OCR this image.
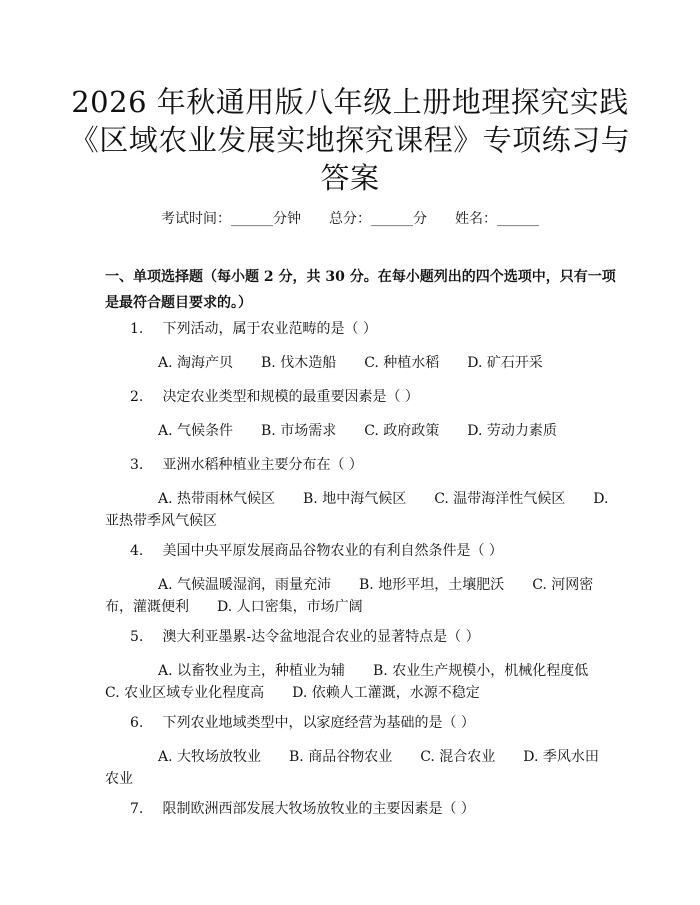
2026 年秋通用版八年级上册地理探究实践
《区域农业发展实地探究课程》专项练习与
答案
考试时间：______分钟　　总分：______分　　姓名：______
一、单项选择题（每小题 2 分，共 30 分。在每小题列出的四个选项中，只有一项
是最符合题目要求的。）
1. 下列活动，属于农业范畴的是（ ）
A. 淘海产贝　　B. 伐木造船　　C. 种植水稻　　D. 矿石开采
2. 决定农业类型和规模的最重要因素是（ ）
A. 气候条件　　B. 市场需求　　C. 政府政策　　D. 劳动力素质
3. 亚洲水稻种植业主要分布在（ ）
A. 热带雨林气候区　　B. 地中海气候区　　C. 温带海洋性气候区　　D.
亚热带季风气候区
4. 美国中央平原发展商品谷物农业的有利自然条件是（ ）
A. 气候温暖湿润，雨量充沛　　B. 地形平坦，土壤肥沃　　C. 河网密
布，灌溉便利　　D. 人口密集，市场广阔
5. 澳大利亚墨累-达令盆地混合农业的显著特点是（ ）
A. 以畜牧业为主，种植业为辅　　B. 农业生产规模小，机械化程度低
C. 农业区域专业化程度高　　D. 依赖人工灌溉，水源不稳定
6. 下列农业地域类型中，以家庭经营为基础的是（ ）
A. 大牧场放牧业　　B. 商品谷物农业　　C. 混合农业　　D. 季风水田
农业
7. 限制欧洲西部发展大牧场放牧业的主要因素是（ ）
